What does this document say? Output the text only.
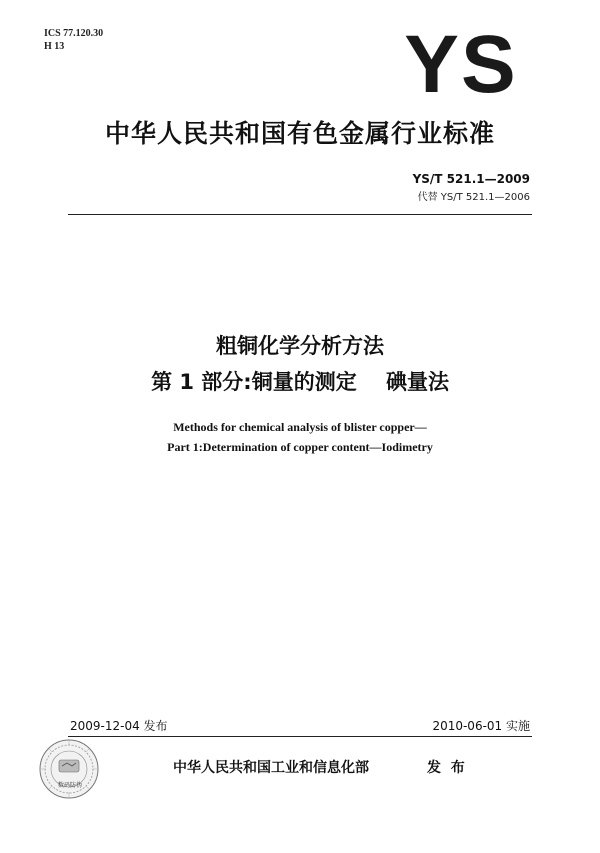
ICS 77.120.30
H 13	YS
中华人民共和国有色金属行业标准
YS/T 521.1—2009
代替 YS/T 521.1—2006
粗铜化学分析方法
第 1 部分:铜量的测定    碘量法
Methods for chemical analysis of blister copper—
Part 1:Determination of copper content—Iodimetry
2009-12-04 发布	2010-06-01 实施
数码防伪
中华人民共和国工业和信息化部	发  布
